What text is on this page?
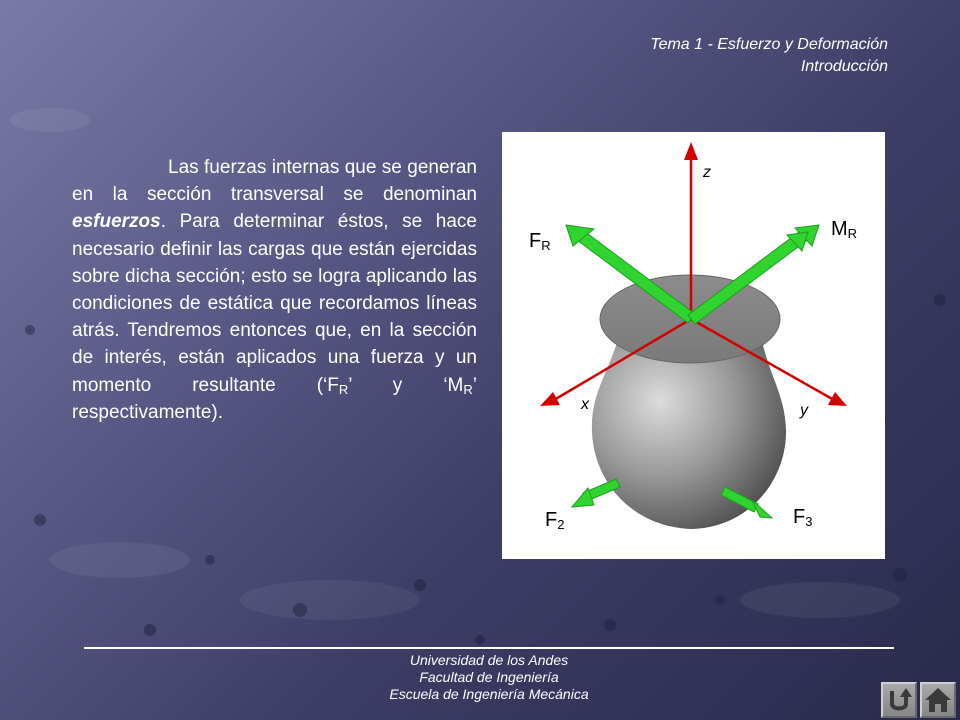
Tema 1 - Esfuerzo y Deformación
Introducción
Las fuerzas internas que se generan en la sección transversal se denominan esfuerzos. Para determinar éstos, se hace necesario definir las cargas que están ejercidas sobre dicha sección; esto se logra aplicando las condiciones de estática que recordamos líneas atrás. Tendremos entonces que, en la sección de interés, están aplicados una fuerza y un momento resultante (‘$F_R$’ y ‘$M_R$’ respectivamente).
z
x	y
FR
MR
F2	F3
Universidad de los Andes
Facultad de Ingeniería
Escuela de Ingeniería Mecánica
